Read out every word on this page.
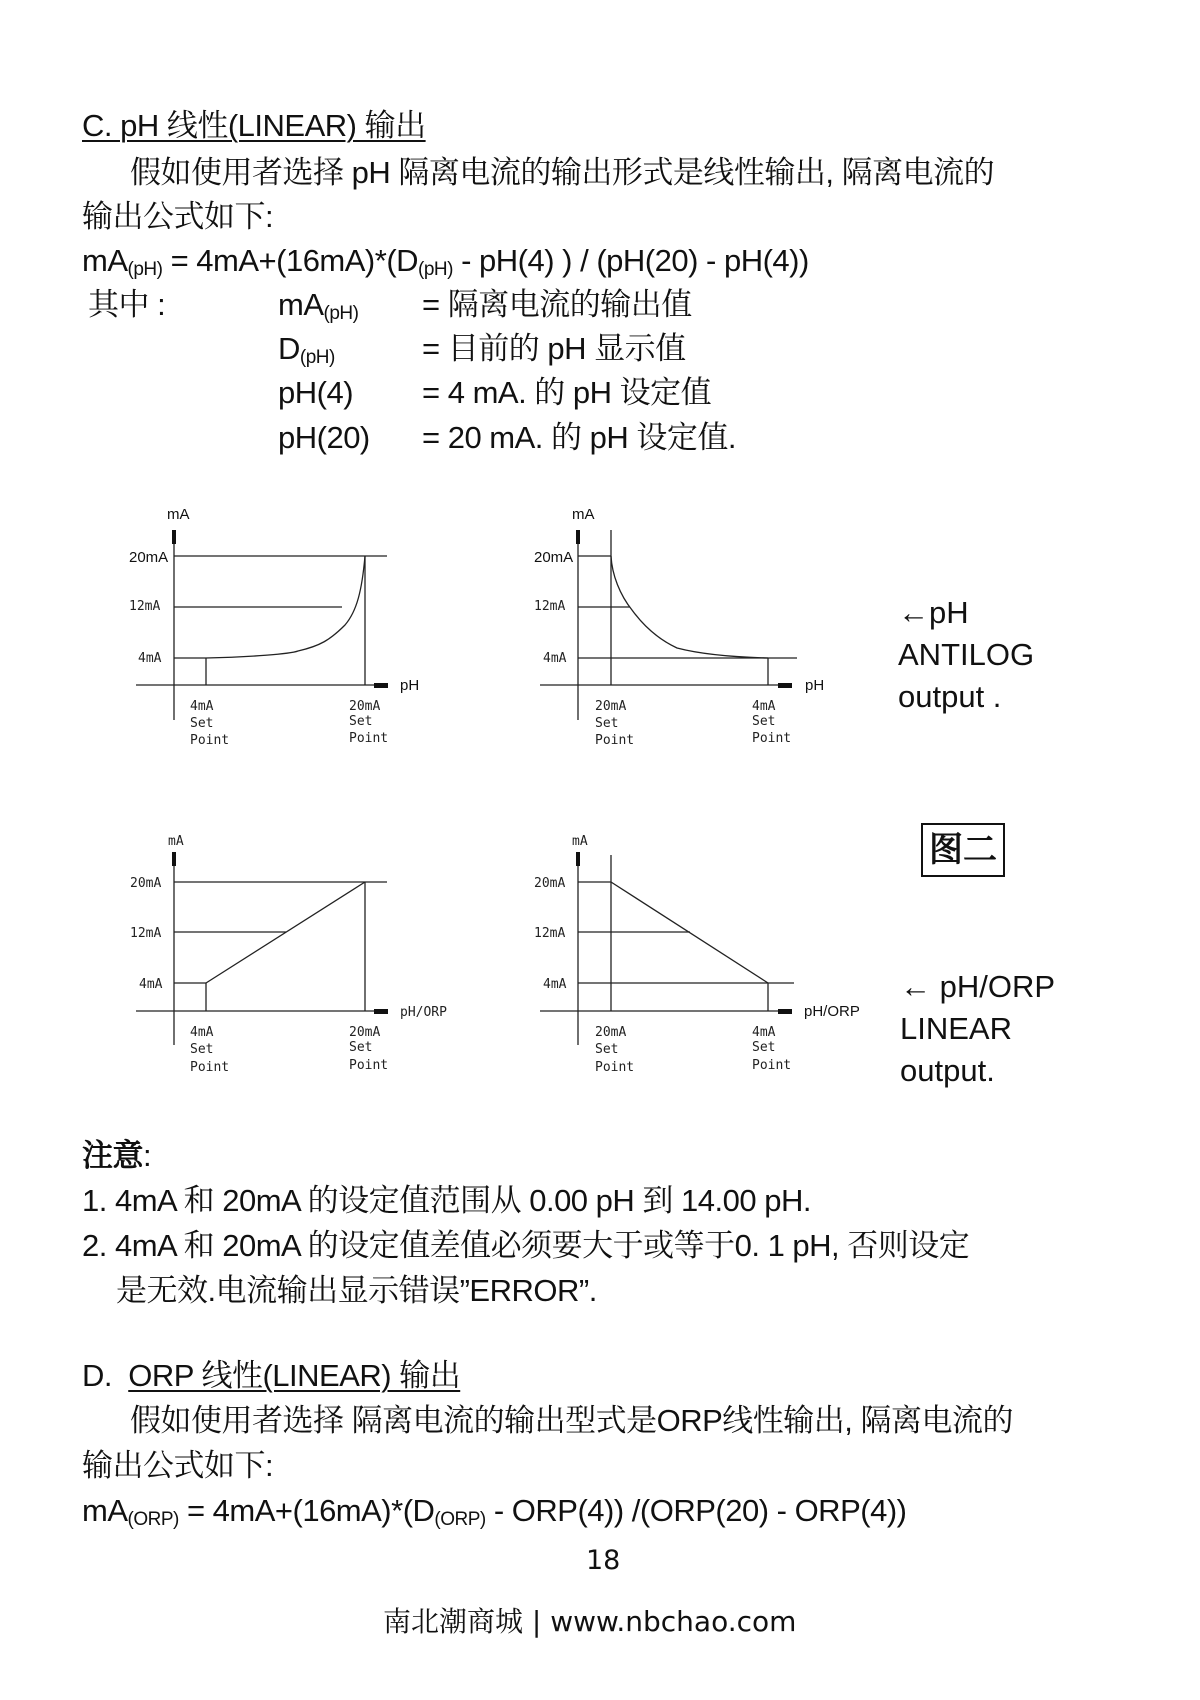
C. pH 线性(LINEAR) 输出
假如使用者选择 pH 隔离电流的输出形式是线性输出, 隔离电流的
输出公式如下:
$mA_{(pH)} = 4mA+(16mA)*(D_{(pH)} - pH(4)$ ) / (pH(20) - pH(4))
其中 :	$mA_{(pH)}$ = 隔离电流的输出值
$D_{(pH)}$	= 目前的 pH 显示值
pH(4) = 4 mA. 的 pH 设定值
pH(20) = 20 mA. 的 pH 设定值.
mA
20mA
12mA
4mA
pH
4mA
Set
Point
20mA
Set
Point
mA
20mA
12mA
4mA
pH
20mA
Set
Point
4mA
Set
Point
mA
20mA
12mA
4mA
pH/ORP
4mA
Set
Point
20mA
Set
Point
mA
20mA
12mA
4mA
pH/ORP
20mA
Set
Point
4mA
Set
Point
←pH
ANTILOG
output .
图二
← pH/ORP
LINEAR
output.
注意:
1. 4mA 和 20mA 的设定值范围从 0.00 pH 到 14.00 pH.
2. 4mA 和 20mA 的设定值差值必须要大于或等于0. 1 pH, 否则设定
是无效.电流输出显示错误”ERROR”.
D.  ORP 线性(LINEAR) 输出
假如使用者选择 隔离电流的输出型式是ORP线性输出, 隔离电流的
输出公式如下:
$mA_{(ORP)} = 4mA+(16mA)*(D_{(ORP)} - ORP(4))$ /(ORP(20) - ORP(4))
18
南北潮商城 | www.nbchao.com
